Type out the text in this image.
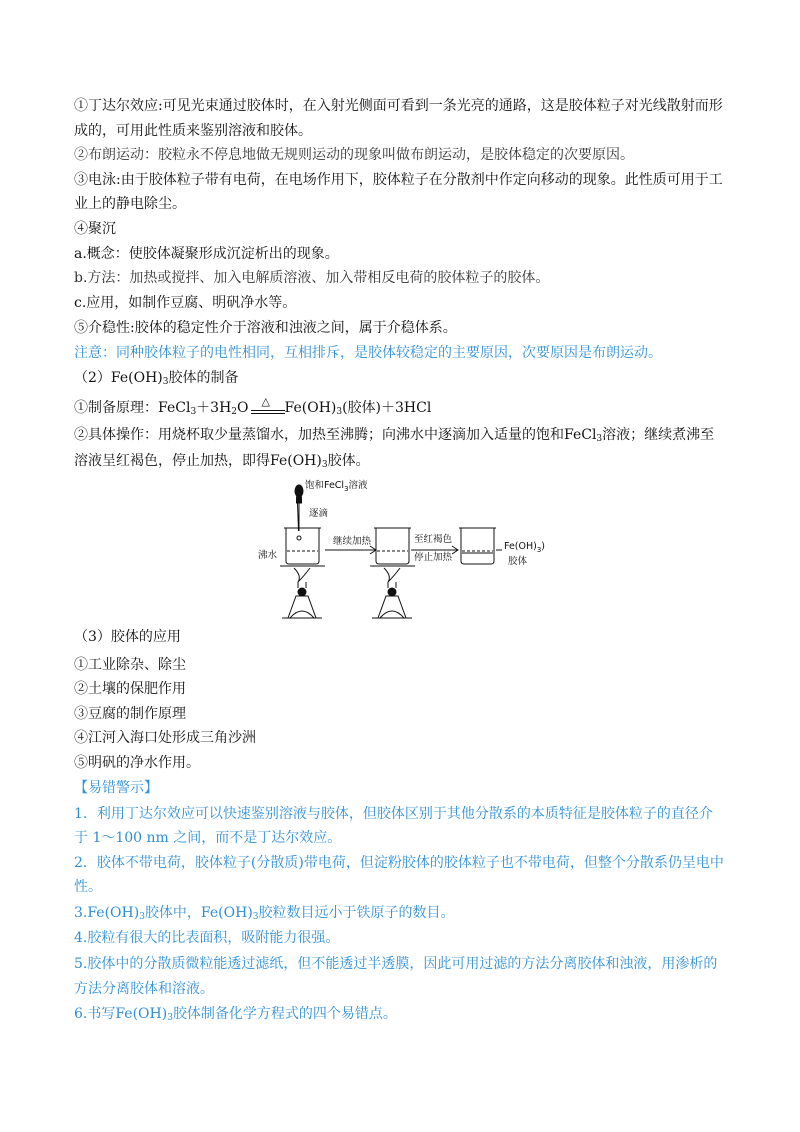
①丁达尔效应:可见光束通过胶体时，在入射光侧面可看到一条光亮的通路，这是胶体粒子对光线散射而形
成的，可用此性质来鉴别溶液和胶体。
②布朗运动：胶粒永不停息地做无规则运动的现象叫做布朗运动，是胶体稳定的次要原因。
③电泳:由于胶体粒子带有电荷，在电场作用下，胶体粒子在分散剂中作定向移动的现象。此性质可用于工
业上的静电除尘。
④聚沉
a.概念：使胶体凝聚形成沉淀析出的现象。
b.方法：加热或搅拌、加入电解质溶液、加入带相反电荷的胶体粒子的胶体。
c.应用，如制作豆腐、明矾净水等。
⑤介稳性:胶体的稳定性介于溶液和浊液之间，属于介稳体系。
注意：同种胶体粒子的电性相同，互相排斥，是胶体较稳定的主要原因，次要原因是布朗运动。
$(2)Fe(OH)_3$胶体的制备
①制备原理：$FeCl_3+3H_2O$ △ $Fe(OH)_3$(胶体)＋3HCl
②具体操作：用烧杯取少量蒸馏水，加热至沸腾；向沸水中逐滴加入适量的饱和FeCl$_3$溶液；继续煮沸至
溶液呈红褐色，停止加热，即得$Fe(OH)_3$胶体。
饱和FeCl$_3$溶液
逐滴
沸水
继续加热	至红褐色
停止加热
$Fe(OH)_3$)
胶体
（3）胶体的应用
①工业除杂、除尘
②土壤的保肥作用
③豆腐的制作原理
④江河入海口处形成三角沙洲
⑤明矾的净水作用。
【易错警示】
1．利用丁达尔效应可以快速鉴别溶液与胶体，但胶体区别于其他分散系的本质特征是胶体粒子的直径介
于 1～100 nm 之间，而不是丁达尔效应。
2．胶体不带电荷，胶体粒子(分散质)带电荷，但淀粉胶体的胶体粒子也不带电荷，但整个分散系仍呈电中
性。
$3.Fe(OH)_3$胶体中，$Fe(OH)_3$胶粒数目远小于铁原子的数目。
4.胶粒有很大的比表面积，吸附能力很强。
5.胶体中的分散质微粒能透过滤纸，但不能透过半透膜，因此可用过滤的方法分离胶体和浊液，用渗析的
方法分离胶体和溶液。
6.书写$Fe(OH)_3$胶体制备化学方程式的四个易错点。
